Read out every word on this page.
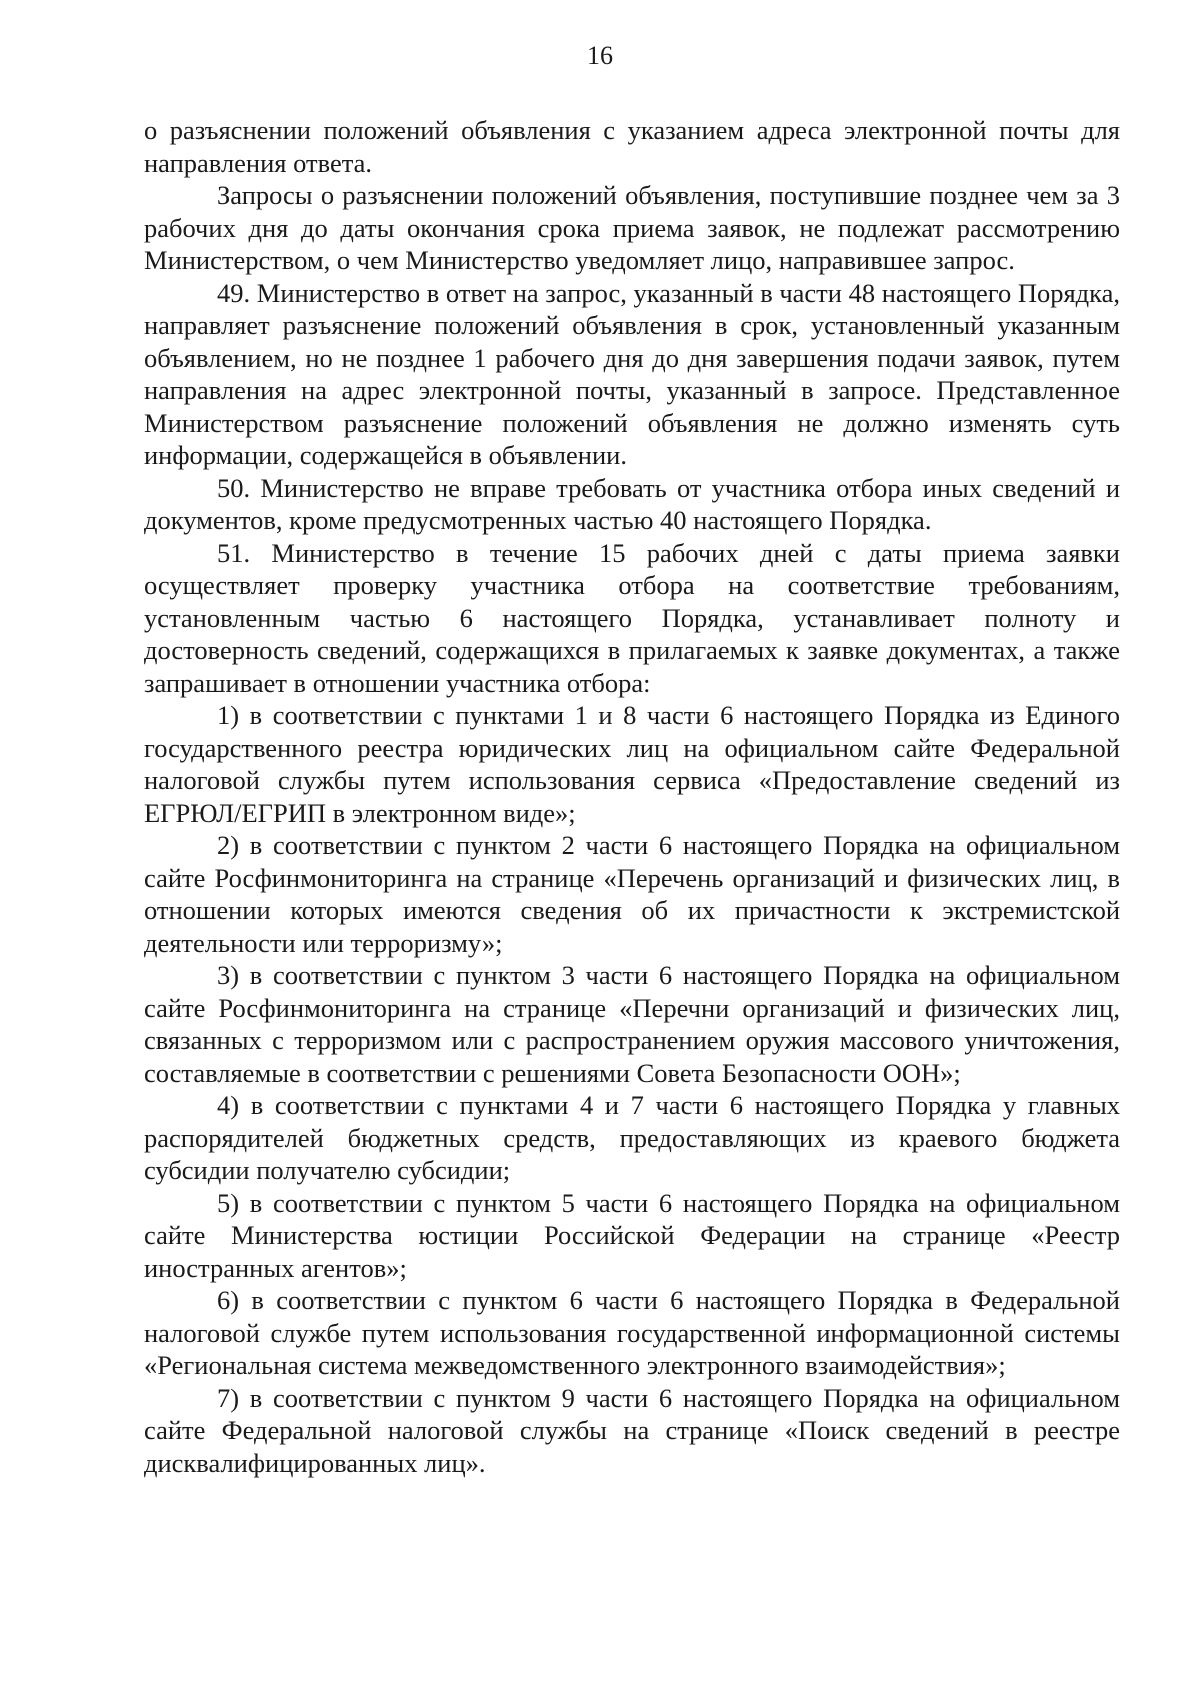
16

о разъяснении положений объявления с указанием адреса электронной почты для направления ответа.

Запросы о разъяснении положений объявления, поступившие позднее чем за 3 рабочих дня до даты окончания срока приема заявок, не подлежат рассмотрению Министерством, о чем Министерство уведомляет лицо, направившее запрос.

49. Министерство в ответ на запрос, указанный в части 48 настоящего Порядка, направляет разъяснение положений объявления в срок, установленный указанным объявлением, но не позднее 1 рабочего дня до дня завершения подачи заявок, путем направления на адрес электронной почты, указанный в запросе. Представленное Министерством разъяснение положений объявления не должно изменять суть информации, содержащейся в объявлении.

50. Министерство не вправе требовать от участника отбора иных сведений и документов, кроме предусмотренных частью 40 настоящего Порядка.

51. Министерство в течение 15 рабочих дней с даты приема заявки осуществляет проверку участника отбора на соответствие требованиям, установленным частью 6 настоящего Порядка, устанавливает полноту и достоверность сведений, содержащихся в прилагаемых к заявке документах, а также запрашивает в отношении участника отбора:

1) в соответствии с пунктами 1 и 8 части 6 настоящего Порядка из Единого государственного реестра юридических лиц на официальном сайте Федеральной налоговой службы путем использования сервиса «Предоставление сведений из ЕГРЮЛ/ЕГРИП в электронном виде»;

2) в соответствии с пунктом 2 части 6 настоящего Порядка на официальном сайте Росфинмониторинга на странице «Перечень организаций и физических лиц, в отношении которых имеются сведения об их причастности к экстремистской деятельности или терроризму»;

3) в соответствии с пунктом 3 части 6 настоящего Порядка на официальном сайте Росфинмониторинга на странице «Перечни организаций и физических лиц, связанных с терроризмом или с распространением оружия массового уничтожения, составляемые в соответствии с решениями Совета Безопасности ООН»;

4) в соответствии с пунктами 4 и 7 части 6 настоящего Порядка у главных распорядителей бюджетных средств, предоставляющих из краевого бюджета субсидии получателю субсидии;

5) в соответствии с пунктом 5 части 6 настоящего Порядка на официальном сайте Министерства юстиции Российской Федерации на странице «Реестр иностранных агентов»;

6) в соответствии с пунктом 6 части 6 настоящего Порядка в Федеральной налоговой службе путем использования государственной информационной системы «Региональная система межведомственного электронного взаимодействия»;

7) в соответствии с пунктом 9 части 6 настоящего Порядка на официальном сайте Федеральной налоговой службы на странице «Поиск сведений в реестре дисквалифицированных лиц».
